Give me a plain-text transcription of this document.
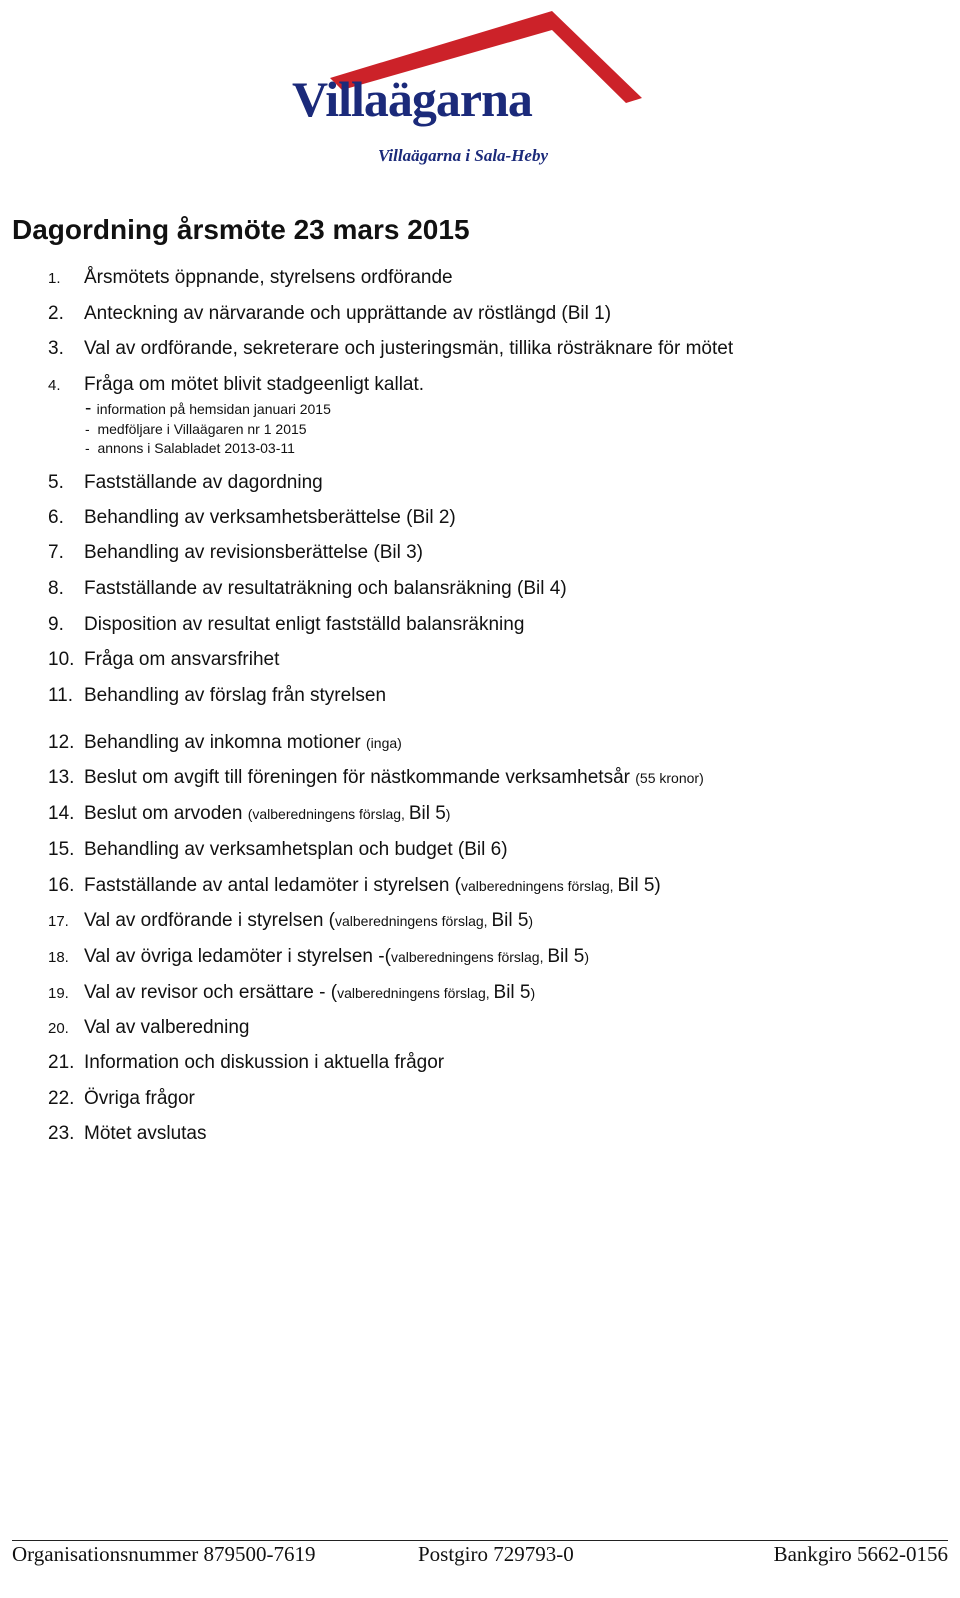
Villaägarna
Villaägarna i Sala-Heby
Dagordning årsmöte 23 mars 2015
1. Årsmötets öppnande, styrelsens ordförande
2. Anteckning av närvarande och upprättande av röstlängd (Bil 1)
3. Val av ordförande, sekreterare och justeringsmän, tillika rösträknare för mötet
4. Fråga om mötet blivit stadgeenligt kallat.
- information på hemsidan januari 2015
-  medföljare i Villaägaren nr 1 2015
-  annons i Salabladet 2013-03-11
5. Fastställande av dagordning
6. Behandling av verksamhetsberättelse (Bil 2)
7. Behandling av revisionsberättelse (Bil 3)
8. Fastställande av resultaträkning och balansräkning (Bil 4)
9. Disposition av resultat enligt fastställd balansräkning
10. Fråga om ansvarsfrihet
11. Behandling av förslag från styrelsen
12. Behandling av inkomna motioner (inga)
13. Beslut om avgift till föreningen för nästkommande verksamhetsår (55 kronor)
14. Beslut om arvoden (valberedningens förslag, Bil 5)
15. Behandling av verksamhetsplan och budget (Bil 6)
16. Fastställande av antal ledamöter i styrelsen (valberedningens förslag, Bil 5)
17. Val av ordförande i styrelsen (valberedningens förslag, Bil 5)
18. Val av övriga ledamöter i styrelsen -(valberedningens förslag, Bil 5)
19. Val av revisor och ersättare - (valberedningens förslag, Bil 5)
20. Val av valberedning
21. Information och diskussion i aktuella frågor
22. Övriga frågor
23. Mötet avslutas
Organisationsnummer 879500-7619	Postgiro 729793-0	Bankgiro 5662-0156
